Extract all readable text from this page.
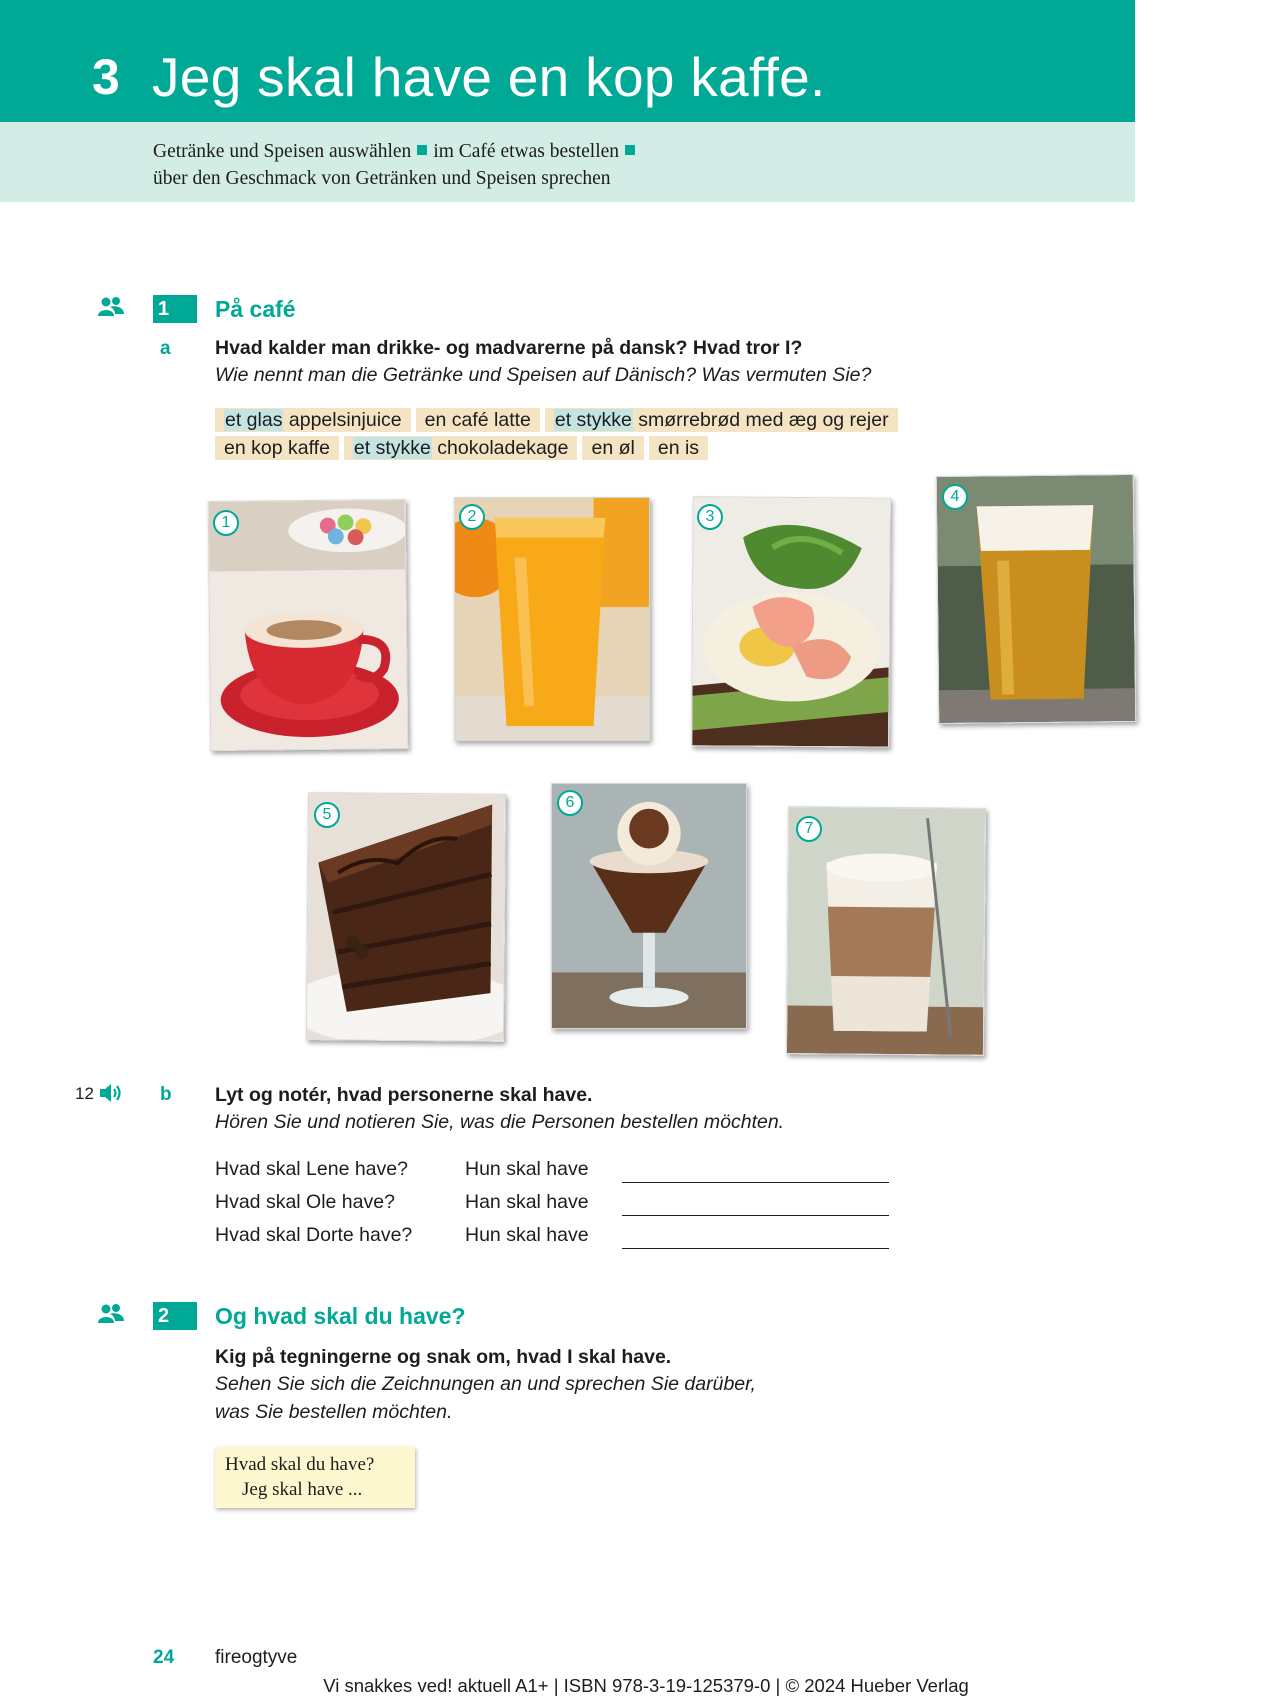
3 Jeg skal have en kop kaffe.
Getränke und Speisen auswählen im Café etwas bestellen
über den Geschmack von Getränken und Speisen sprechen
1	På café
a Hvad kalder man drikke- og madvarerne på dansk? Hvad tror I?
Wie nennt man die Getränke und Speisen auf Dänisch? Was vermuten Sie?
et glas appelsinjuice	en café latte	et stykke smørrebrød med æg og rejer
en kop kaffe	et stykke chokoladekage	en øl	en is
1	2	3
4
5
6
7
12	b Lyt og notér, hvad personerne skal have.
Hören Sie und notieren Sie, was die Personen bestellen möchten.
Hvad skal Lene have?	Hun skal have
Hvad skal Ole have?	Han skal have
Hvad skal Dorte have?	Hun skal have
2	Og hvad skal du have?
Kig på tegningerne og snak om, hvad I skal have.
Sehen Sie sich die Zeichnungen an und sprechen Sie darüber,
was Sie bestellen möchten.
Hvad skal du have?
Jeg skal have ...
24 fireogtyve
Vi snakkes ved! aktuell A1+ | ISBN 978-3-19-125379-0 | © 2024 Hueber Verlag
